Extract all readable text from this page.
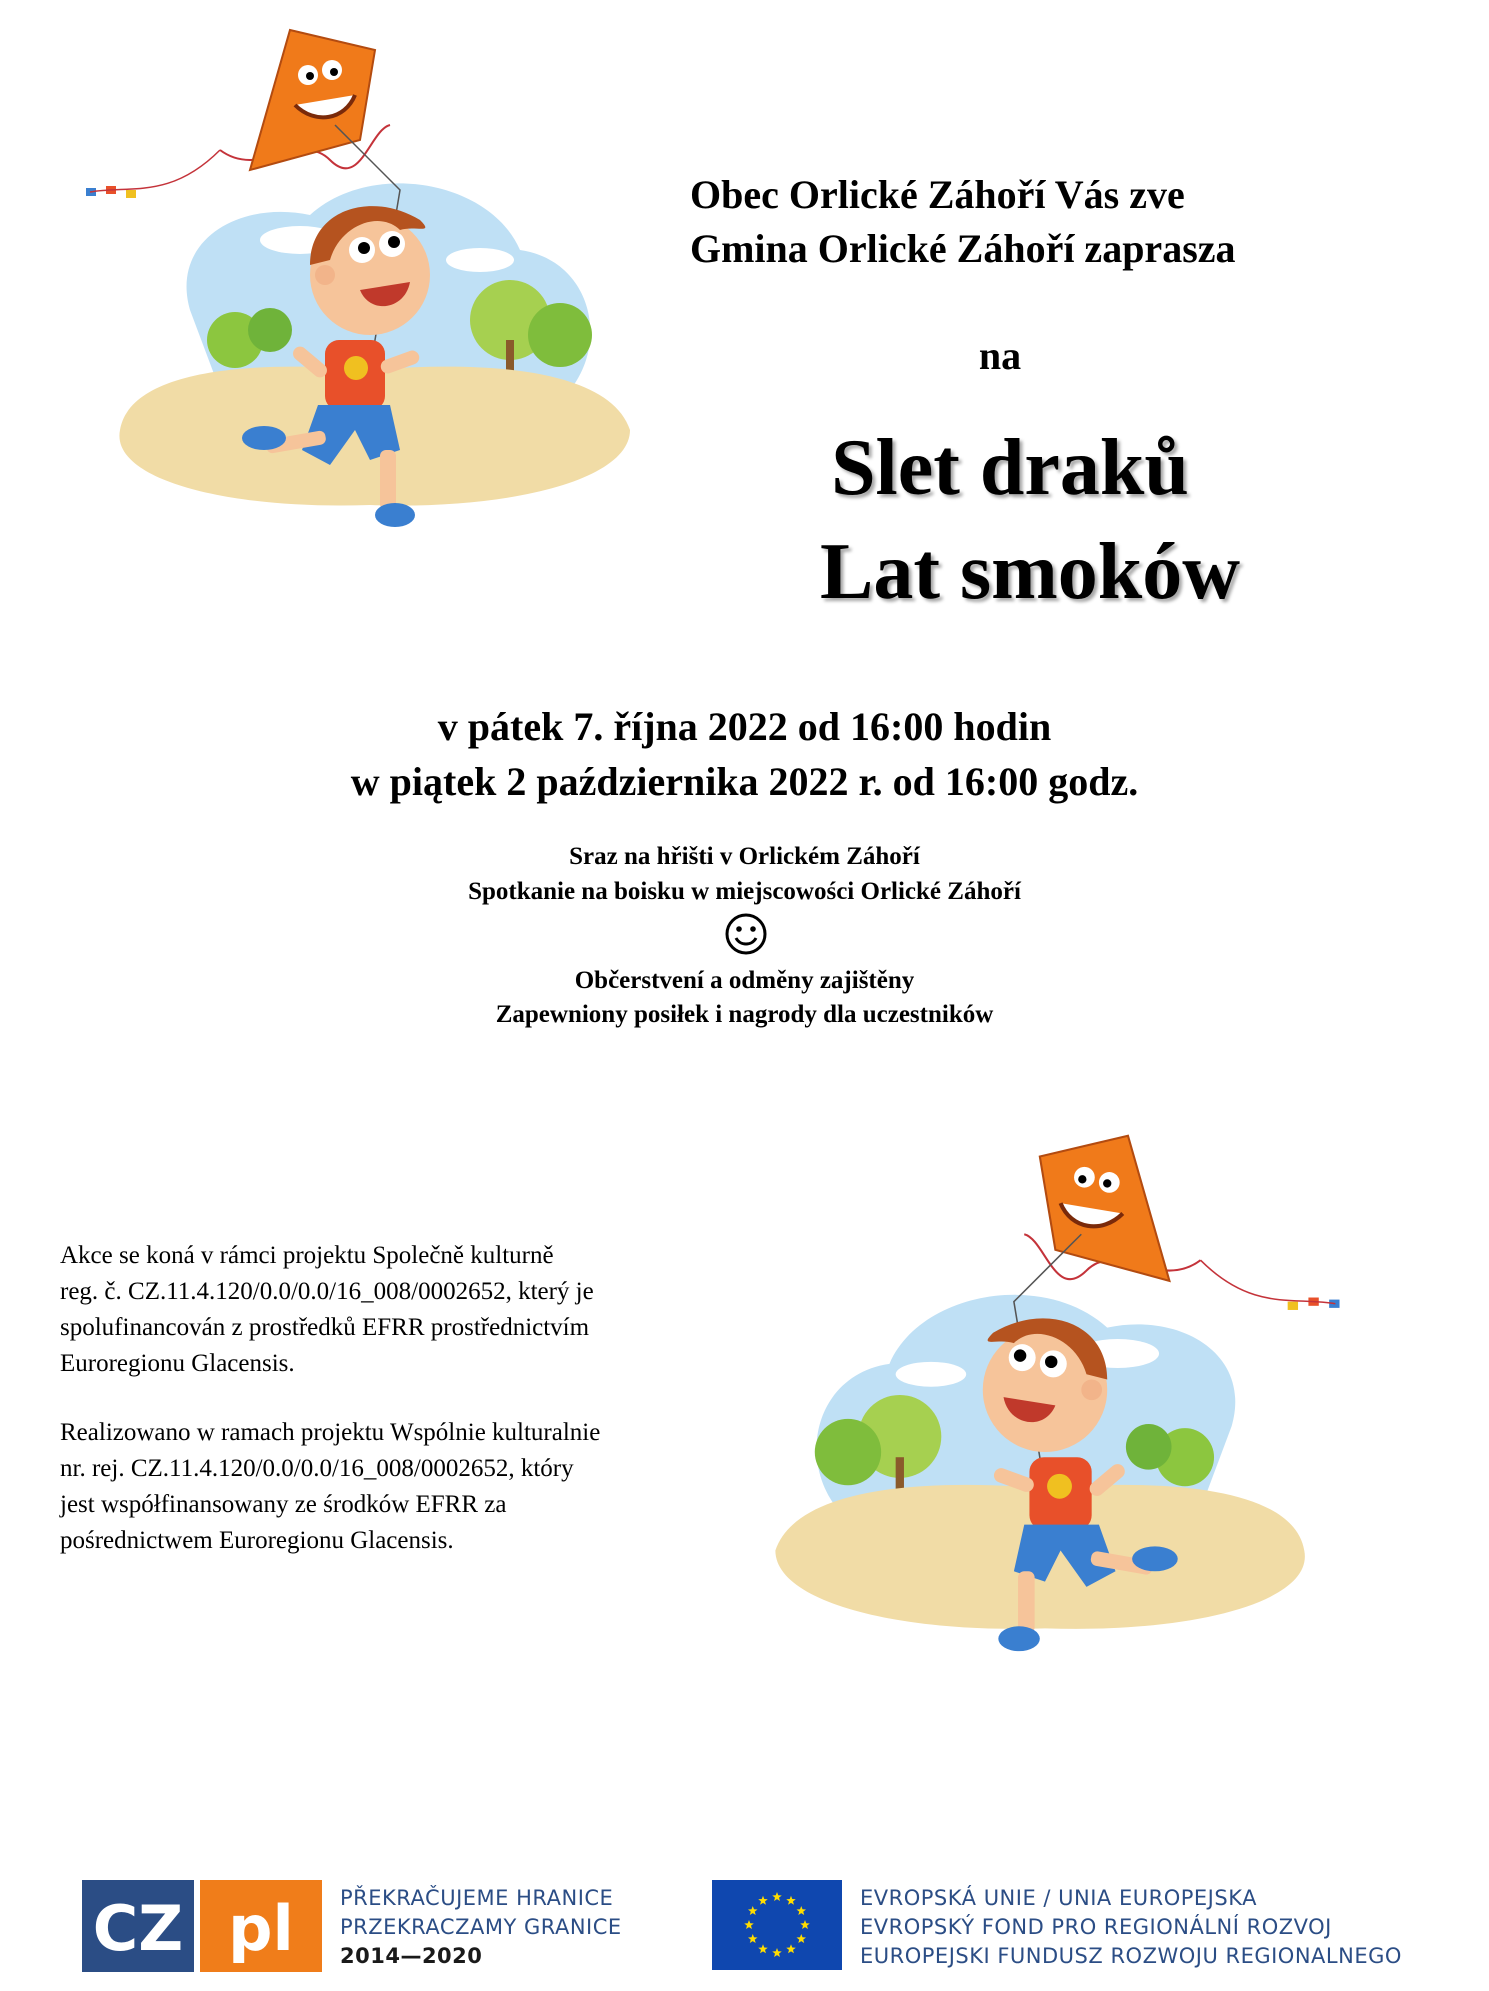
Obec Orlické Záhoří Vás zve
Gmina Orlické Záhoří zaprasza
na
Slet draků
Lat smoków
v pátek 7. října 2022 od 16:00 hodin
w piątek 2 października 2022 r. od 16:00 godz.
Sraz na hřišti v Orlickém Záhoří
Spotkanie na boisku w miejscowości Orlické Záhoří
Občerstvení a odměny zajištěny
Zapewniony posiłek i nagrody dla uczestników
Akce se koná v rámci projektu Společně kulturně
reg. č. CZ.11.4.120/0.0/0.0/16_008/0002652, který je
spolufinancován z prostředků EFRR prostřednictvím
Euroregionu Glacensis.
Realizowano w ramach projektu Wspólnie kulturalnie
nr. rej. CZ.11.4.120/0.0/0.0/16_008/0002652, który
jest współfinansowany ze środków EFRR za
pośrednictwem Euroregionu Glacensis.
CZ pl PŘEKRAČUJEME HRANICE
PRZEKRACZAMY GRANICE
2014—2020
EVROPSKÁ UNIE / UNIA EUROPEJSKA
EVROPSKÝ FOND PRO REGIONÁLNÍ ROZVOJ
EUROPEJSKI FUNDUSZ ROZWOJU REGIONALNEGO
